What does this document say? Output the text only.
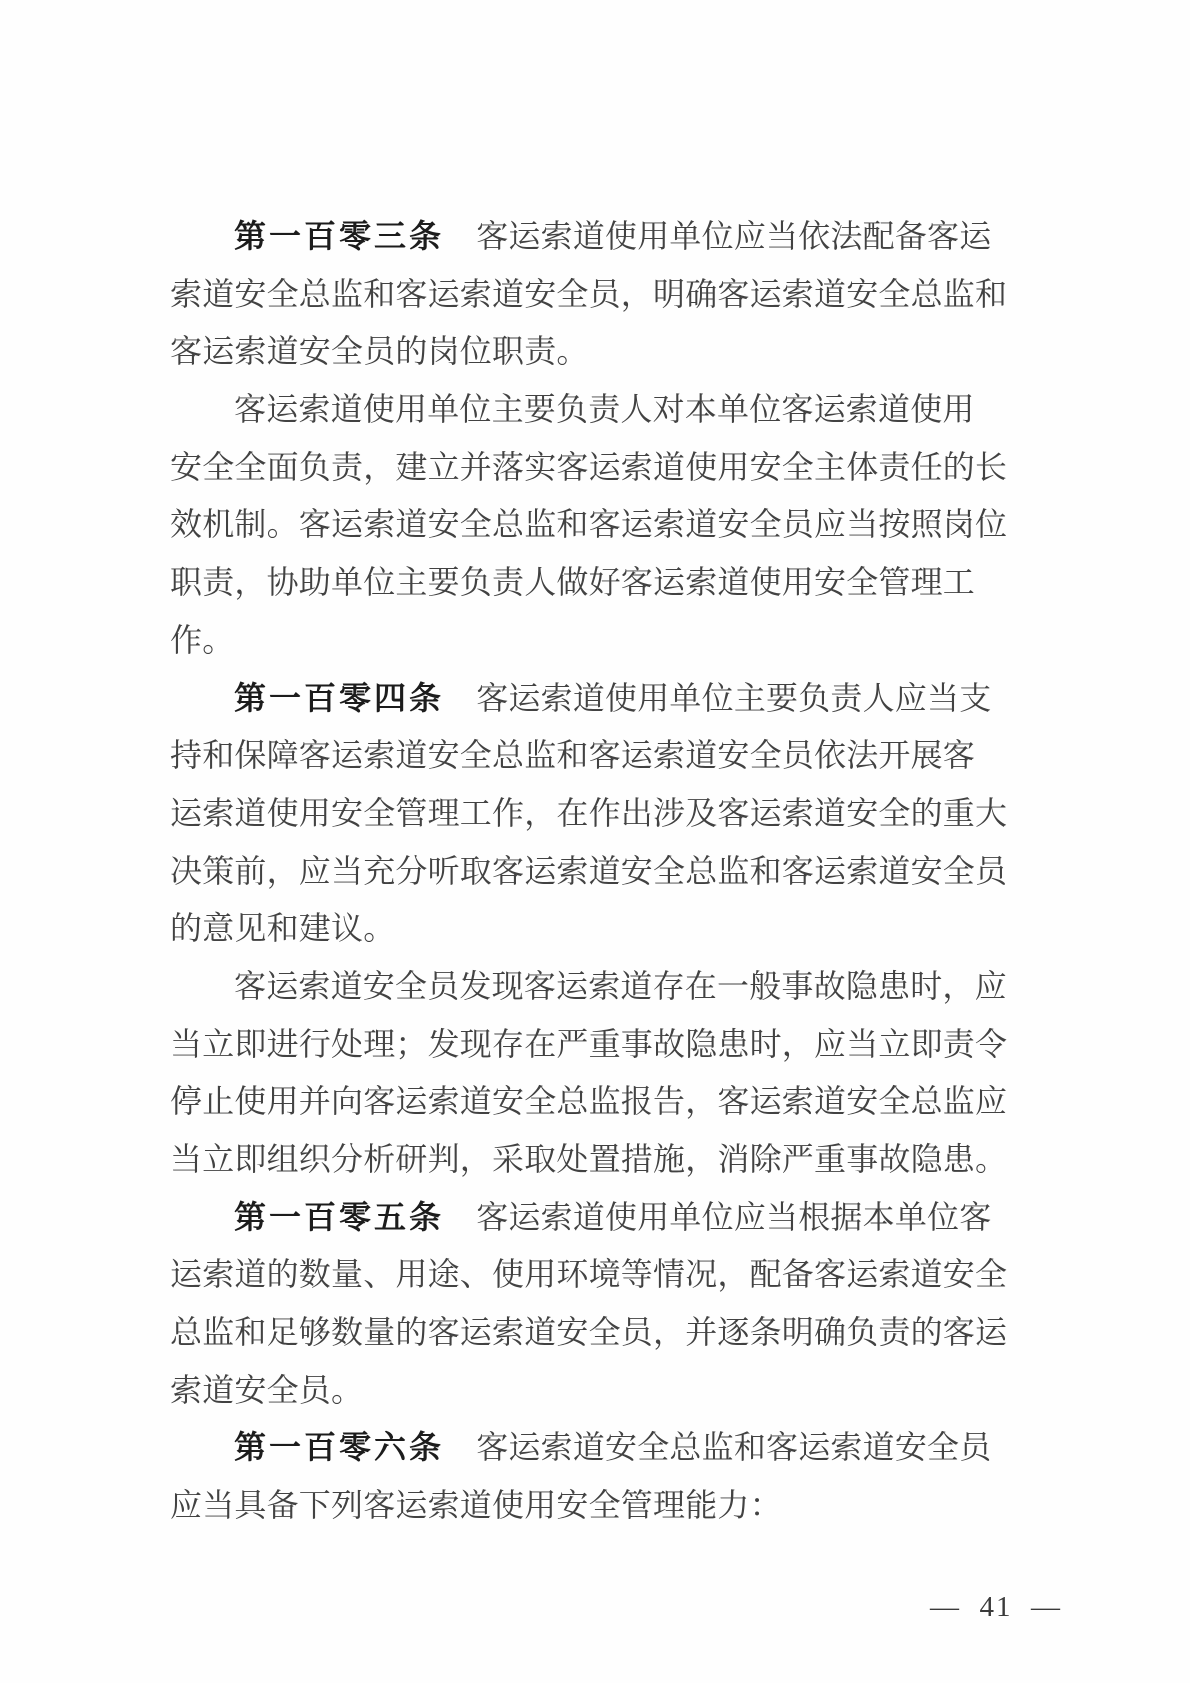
第一百零三条　客运索道使用单位应当依法配备客运
索道安全总监和客运索道安全员，明确客运索道安全总监和
客运索道安全员的岗位职责。
客运索道使用单位主要负责人对本单位客运索道使用
安全全面负责，建立并落实客运索道使用安全主体责任的长
效机制。客运索道安全总监和客运索道安全员应当按照岗位
职责，协助单位主要负责人做好客运索道使用安全管理工
作。
第一百零四条　客运索道使用单位主要负责人应当支
持和保障客运索道安全总监和客运索道安全员依法开展客
运索道使用安全管理工作，在作出涉及客运索道安全的重大
决策前，应当充分听取客运索道安全总监和客运索道安全员
的意见和建议。
客运索道安全员发现客运索道存在一般事故隐患时，应
当立即进行处理；发现存在严重事故隐患时，应当立即责令
停止使用并向客运索道安全总监报告，客运索道安全总监应
当立即组织分析研判，采取处置措施，消除严重事故隐患。
第一百零五条　客运索道使用单位应当根据本单位客
运索道的数量、用途、使用环境等情况，配备客运索道安全
总监和足够数量的客运索道安全员，并逐条明确负责的客运
索道安全员。
第一百零六条　客运索道安全总监和客运索道安全员
应当具备下列客运索道使用安全管理能力：

—  41  —
